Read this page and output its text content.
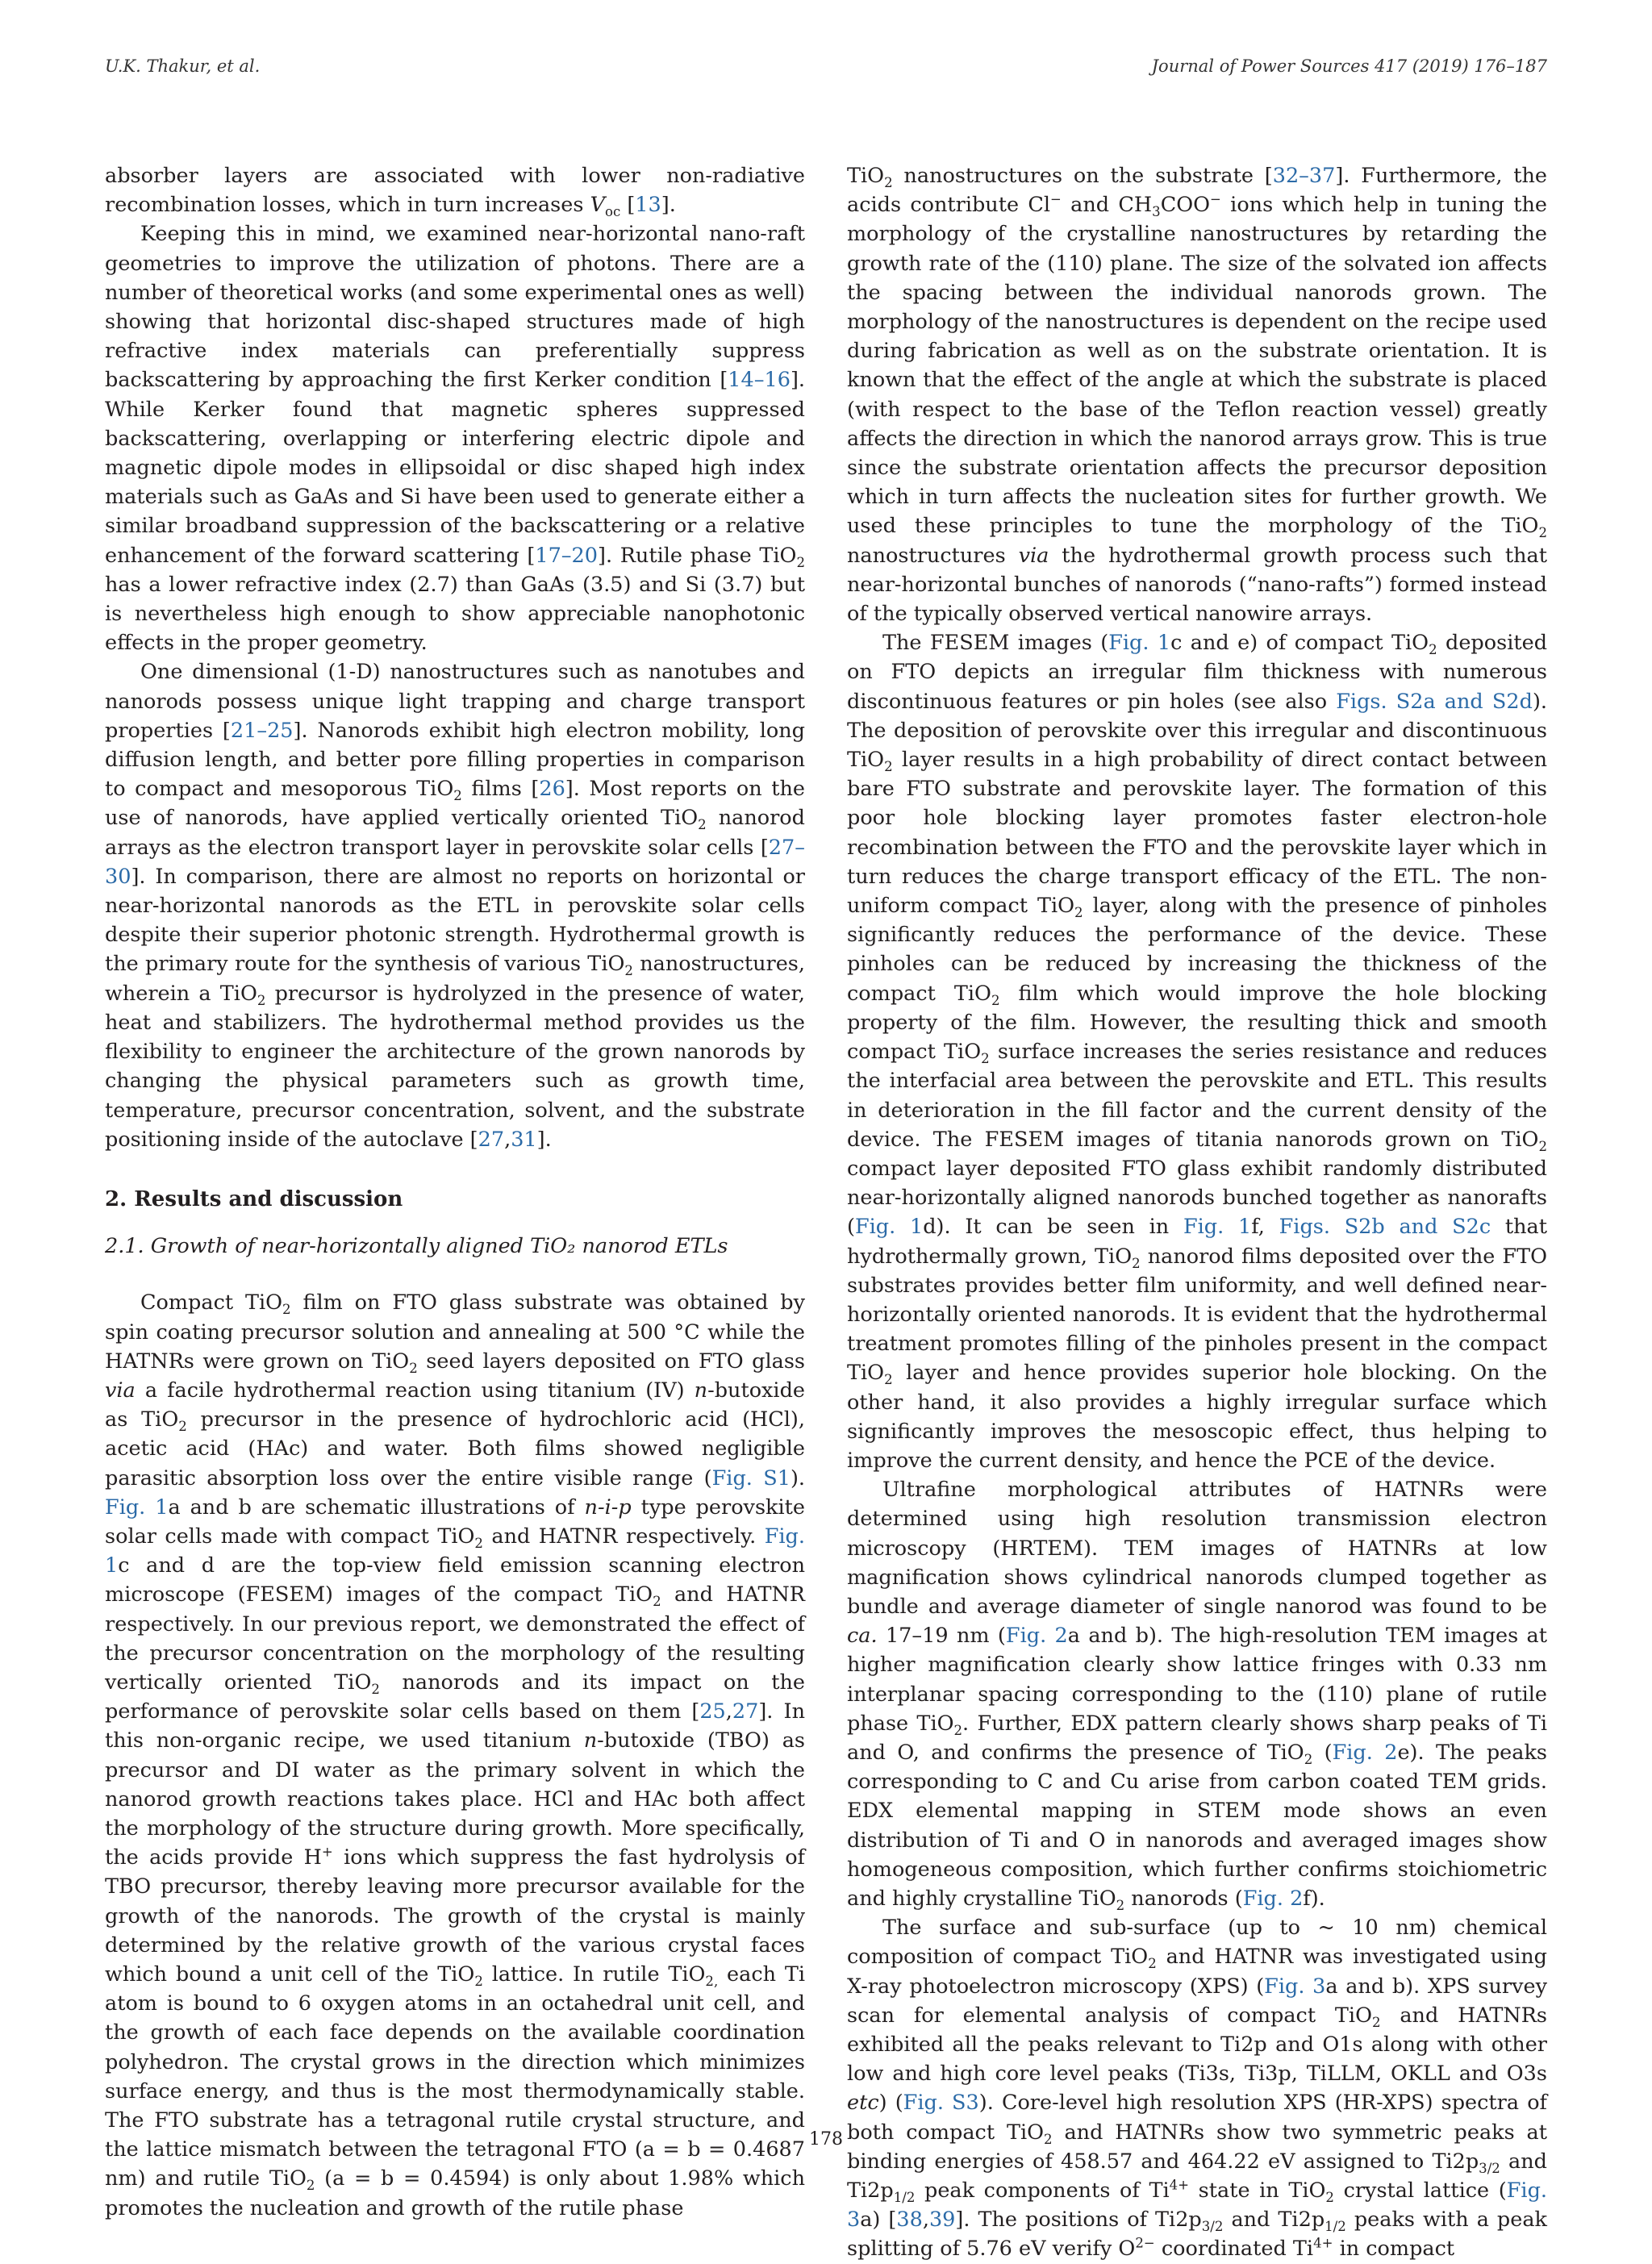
U.K. Thakur, et al.	Journal of Power Sources 417 (2019) 176–187

absorber layers are associated with lower non-radiative recombination losses, which in turn increases $V_{oc}$ [13].

Keeping this in mind, we examined near-horizontal nano-raft geometries to improve the utilization of photons. There are a number of theoretical works (and some experimental ones as well) showing that horizontal disc-shaped structures made of high refractive index materials can preferentially suppress backscattering by approaching the first Kerker condition [14–16]. While Kerker found that magnetic spheres suppressed backscattering, overlapping or interfering electric dipole and magnetic dipole modes in ellipsoidal or disc shaped high index materials such as GaAs and Si have been used to generate either a similar broadband suppression of the backscattering or a relative enhancement of the forward scattering [17–20]. Rutile phase TiO$_2$ has a lower refractive index (2.7) than GaAs (3.5) and Si (3.7) but is nevertheless high enough to show appreciable nanophotonic effects in the proper geometry.

One dimensional (1-D) nanostructures such as nanotubes and nanorods possess unique light trapping and charge transport properties [21–25]. Nanorods exhibit high electron mobility, long diffusion length, and better pore filling properties in comparison to compact and mesoporous TiO$_2$ films [26]. Most reports on the use of nanorods, have applied vertically oriented TiO$_2$ nanorod arrays as the electron transport layer in perovskite solar cells [27–30]. In comparison, there are almost no reports on horizontal or near-horizontal nanorods as the ETL in perovskite solar cells despite their superior photonic strength. Hydrothermal growth is the primary route for the synthesis of various TiO$_2$ nanostructures, wherein a TiO$_2$ precursor is hydrolyzed in the presence of water, heat and stabilizers. The hydrothermal method provides us the flexibility to engineer the architecture of the grown nanorods by changing the physical parameters such as growth time, temperature, precursor concentration, solvent, and the substrate positioning inside of the autoclave [27,31].

2. Results and discussion
2.1. Growth of near-horizontally aligned TiO₂ nanorod ETLs

Compact TiO$_2$ film on FTO glass substrate was obtained by spin coating precursor solution and annealing at 500 °C while the HATNRs were grown on TiO$_2$ seed layers deposited on FTO glass via a facile hydrothermal reaction using titanium (IV) n-butoxide as TiO$_2$ precursor in the presence of hydrochloric acid (HCl), acetic acid (HAc) and water. Both films showed negligible parasitic absorption loss over the entire visible range (Fig. S1). Fig. 1a and b are schematic illustrations of n-i-p type perovskite solar cells made with compact TiO$_2$ and HATNR respectively. Fig. 1c and d are the top-view field emission scanning electron microscope (FESEM) images of the compact TiO$_2$ and HATNR respectively. In our previous report, we demonstrated the effect of the precursor concentration on the morphology of the resulting vertically oriented TiO$_2$ nanorods and its impact on the performance of perovskite solar cells based on them [25,27]. In this non-organic recipe, we used titanium n-butoxide (TBO) as precursor and DI water as the primary solvent in which the nanorod growth reactions takes place. HCl and HAc both affect the morphology of the structure during growth. More specifically, the acids provide H+ ions which suppress the fast hydrolysis of TBO precursor, thereby leaving more precursor available for the growth of the nanorods. The growth of the crystal is mainly determined by the relative growth of the various crystal faces which bound a unit cell of the TiO$_2$ lattice. In rutile TiO$_{2,}$ each Ti atom is bound to 6 oxygen atoms in an octahedral unit cell, and the growth of each face depends on the available coordination polyhedron. The crystal grows in the direction which minimizes surface energy, and thus is the most thermodynamically stable. The FTO substrate has a tetragonal rutile crystal structure, and the lattice mismatch between the tetragonal FTO (a = b = 0.4687 nm) and rutile TiO$_2$ (a = b = 0.4594) is only about 1.98% which promotes the nucleation and growth of the rutile phase

TiO$_2$ nanostructures on the substrate [32–37]. Furthermore, the acids contribute Cl− and $CH_3COO^-$ ions which help in tuning the morphology of the crystalline nanostructures by retarding the growth rate of the (110) plane. The size of the solvated ion affects the spacing between the individual nanorods grown. The morphology of the nanostructures is dependent on the recipe used during fabrication as well as on the substrate orientation. It is known that the effect of the angle at which the substrate is placed (with respect to the base of the Teflon reaction vessel) greatly affects the direction in which the nanorod arrays grow. This is true since the substrate orientation affects the precursor deposition which in turn affects the nucleation sites for further growth. We used these principles to tune the morphology of the TiO$_2$ nanostructures via the hydrothermal growth process such that near-horizontal bunches of nanorods (“nano-rafts”) formed instead of the typically observed vertical nanowire arrays.

The FESEM images (Fig. 1c and e) of compact TiO$_2$ deposited on FTO depicts an irregular film thickness with numerous discontinuous features or pin holes (see also Figs. S2a and S2d). The deposition of perovskite over this irregular and discontinuous TiO$_2$ layer results in a high probability of direct contact between bare FTO substrate and perovskite layer. The formation of this poor hole blocking layer promotes faster electron-hole recombination between the FTO and the perovskite layer which in turn reduces the charge transport efficacy of the ETL. The non-uniform compact TiO$_2$ layer, along with the presence of pinholes significantly reduces the performance of the device. These pinholes can be reduced by increasing the thickness of the compact TiO$_2$ film which would improve the hole blocking property of the film. However, the resulting thick and smooth compact TiO$_2$ surface increases the series resistance and reduces the interfacial area between the perovskite and ETL. This results in deterioration in the fill factor and the current density of the device. The FESEM images of titania nanorods grown on TiO$_2$ compact layer deposited FTO glass exhibit randomly distributed near-horizontally aligned nanorods bunched together as nanorafts (Fig. 1d). It can be seen in Fig. 1f, Figs. S2b and S2c that hydrothermally grown, TiO$_2$ nanorod films deposited over the FTO substrates provides better film uniformity, and well defined near-horizontally oriented nanorods. It is evident that the hydrothermal treatment promotes filling of the pinholes present in the compact TiO$_2$ layer and hence provides superior hole blocking. On the other hand, it also provides a highly irregular surface which significantly improves the mesoscopic effect, thus helping to improve the current density, and hence the PCE of the device.

Ultrafine morphological attributes of HATNRs were determined using high resolution transmission electron microscopy (HRTEM). TEM images of HATNRs at low magnification shows cylindrical nanorods clumped together as bundle and average diameter of single nanorod was found to be ca. 17–19 nm (Fig. 2a and b). The high-resolution TEM images at higher magnification clearly show lattice fringes with 0.33 nm interplanar spacing corresponding to the (110) plane of rutile phase TiO$_2$. Further, EDX pattern clearly shows sharp peaks of Ti and O, and confirms the presence of TiO$_2$ (Fig. 2e). The peaks corresponding to C and Cu arise from carbon coated TEM grids. EDX elemental mapping in STEM mode shows an even distribution of Ti and O in nanorods and averaged images show homogeneous composition, which further confirms stoichiometric and highly crystalline TiO$_2$ nanorods (Fig. 2f).

The surface and sub-surface (up to ~ 10 nm) chemical composition of compact TiO$_2$ and HATNR was investigated using X-ray photoelectron microscopy (XPS) (Fig. 3a and b). XPS survey scan for elemental analysis of compact TiO$_2$ and HATNRs exhibited all the peaks relevant to Ti2p and O1s along with other low and high core level peaks (Ti3s, Ti3p, TiLLM, OKLL and O3s etc) (Fig. S3). Core-level high resolution XPS (HR-XPS) spectra of both compact TiO$_2$ and HATNRs show two symmetric peaks at binding energies of 458.57 and 464.22 eV assigned to $Ti2p_{3/2}$ and $Ti2p_{1/2}$ peak components of $Ti^{4+}$ state in TiO$_2$ crystal lattice (Fig. 3a) [38,39]. The positions of $Ti2p_{3/2}$ and $Ti2p_{1/2}$ peaks with a peak splitting of 5.76 eV verify $O^{2-}$ coordinated $Ti^{4+}$ in compact

178
